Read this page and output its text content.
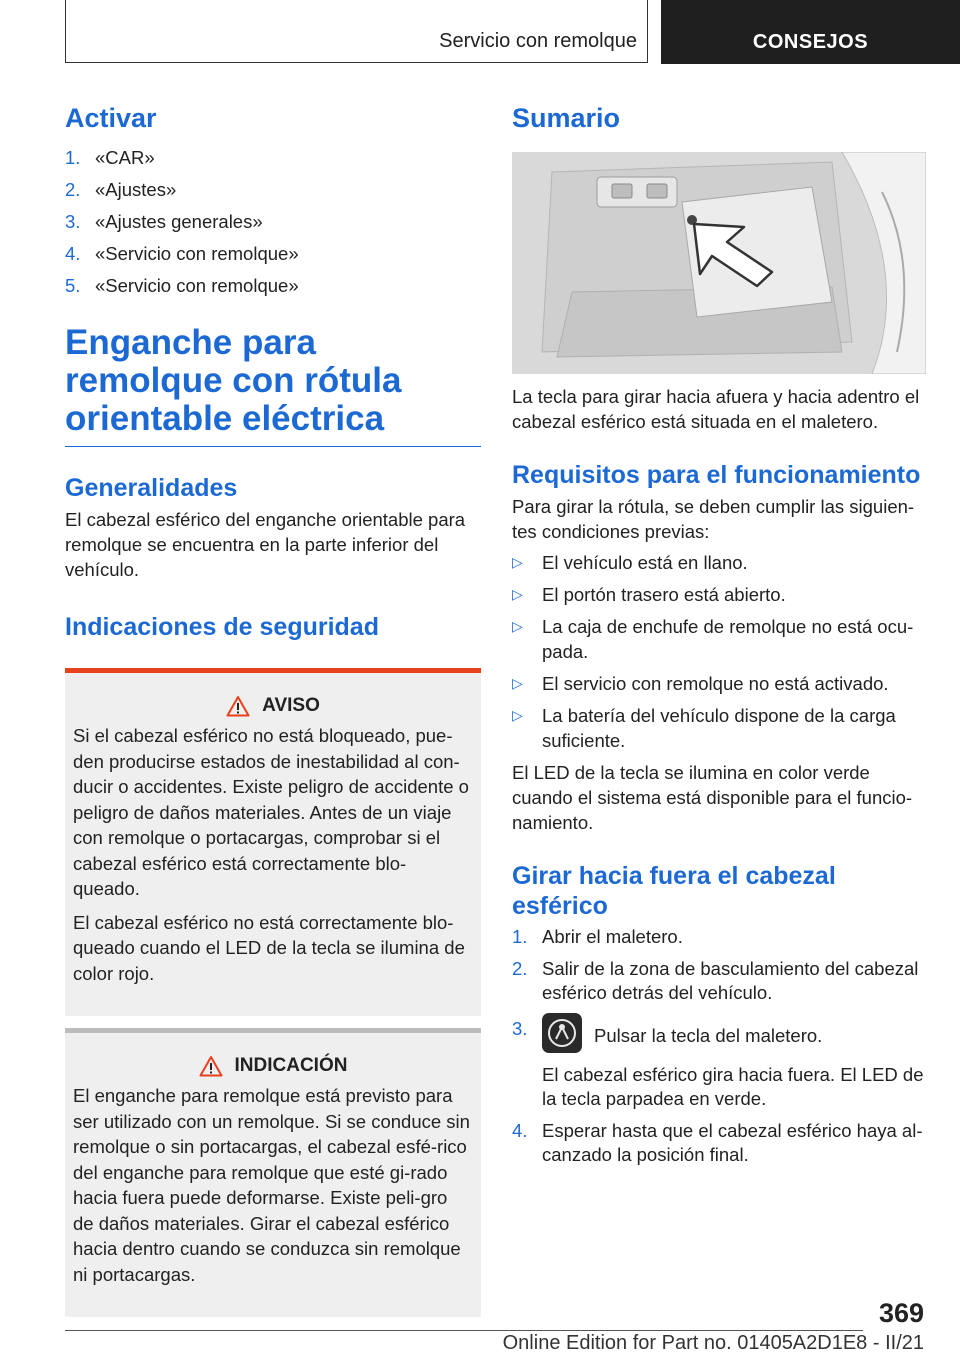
Servicio con remolque	CONSEJOS
Activar
1. «CAR»
2. «Ajustes»
3. «Ajustes generales»
4. «Servicio con remolque»
5. «Servicio con remolque»
Enganche para remolque con rótula orientable eléctrica
Generalidades

El cabezal esférico del enganche orientable para remolque se encuentra en la parte inferior del vehículo.

Indicaciones de seguridad
AVISO

Si el cabezal esférico no está bloqueado, pue-den producirse estados de inestabilidad al con-ducir o accidentes. Existe peligro de accidente o peligro de daños materiales. Antes de un viaje con remolque o portacargas, comprobar si el cabezal esférico está correctamente blo-queado.

El cabezal esférico no está correctamente blo-queado cuando el LED de la tecla se ilumina de color rojo.

INDICACIÓN

El enganche para remolque está previsto para ser utilizado con un remolque. Si se conduce sin remolque o sin portacargas, el cabezal esfé-rico del enganche para remolque que esté gi-rado hacia fuera puede deformarse. Existe peli-gro de daños materiales. Girar el cabezal esférico hacia dentro cuando se conduzca sin remolque ni portacargas.

Sumario

La tecla para girar hacia afuera y hacia adentro el cabezal esférico está situada en el maletero.

Requisitos para el funcionamiento

Para girar la rótula, se deben cumplir las siguien-tes condiciones previas:

▷ El vehículo está en llano.
▷ El portón trasero está abierto.
▷ La caja de enchufe de remolque no está ocu-pada.
▷ El servicio con remolque no está activado.
▷ La batería del vehículo dispone de la carga suficiente.

El LED de la tecla se ilumina en color verde cuando el sistema está disponible para el funcio-namiento.

Girar hacia fuera el cabezal esférico
1. Abrir el maletero.
2. Salir de la zona de basculamiento del cabezal esférico detrás del vehículo.
3.	Pulsar la tecla del maletero.

El cabezal esférico gira hacia fuera. El LED de la tecla parpadea en verde.
4. Esperar hasta que el cabezal esférico haya al-canzado la posición final.
369
Online Edition for Part no. 01405A2D1E8 - II/21
